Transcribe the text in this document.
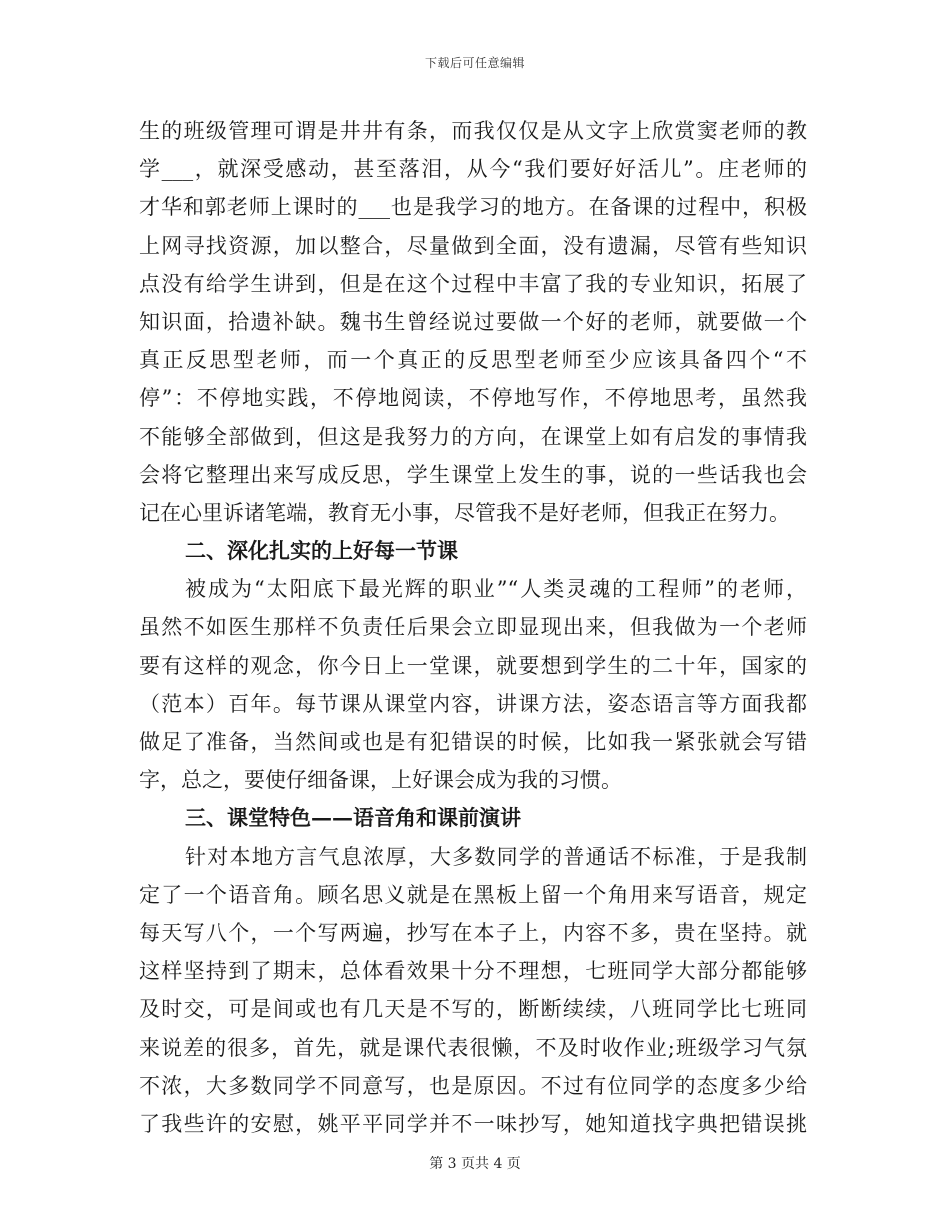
下载后可任意编辑
生的班级管理可谓是井井有条，而我仅仅是从文字上欣赏窦老师的教
学___，就深受感动，甚至落泪，从今“我们要好好活儿”。庄老师的
才华和郭老师上课时的___也是我学习的地方。在备课的过程中，积极
上网寻找资源，加以整合，尽量做到全面，没有遗漏，尽管有些知识
点没有给学生讲到，但是在这个过程中丰富了我的专业知识，拓展了
知识面，拾遗补缺。魏书生曾经说过要做一个好的老师，就要做一个
真正反思型老师，而一个真正的反思型老师至少应该具备四个“不
停”：不停地实践，不停地阅读，不停地写作，不停地思考，虽然我
不能够全部做到，但这是我努力的方向，在课堂上如有启发的事情我
会将它整理出来写成反思，学生课堂上发生的事，说的一些话我也会
记在心里诉诸笔端，教育无小事，尽管我不是好老师，但我正在努力。
二、深化扎实的上好每一节课
被成为“太阳底下最光辉的职业”“人类灵魂的工程师”的老师，
虽然不如医生那样不负责任后果会立即显现出来，但我做为一个老师
要有这样的观念，你今日上一堂课，就要想到学生的二十年，国家的
（范本）百年。每节课从课堂内容，讲课方法，姿态语言等方面我都
做足了准备，当然间或也是有犯错误的时候，比如我一紧张就会写错
字，总之，要使仔细备课，上好课会成为我的习惯。
三、课堂特色——语音角和课前演讲
针对本地方言气息浓厚，大多数同学的普通话不标准，于是我制
定了一个语音角。顾名思义就是在黑板上留一个角用来写语音，规定
每天写八个，一个写两遍，抄写在本子上，内容不多，贵在坚持。就
这样坚持到了期末，总体看效果十分不理想，七班同学大部分都能够
及时交，可是间或也有几天是不写的，断断续续，八班同学比七班同
来说差的很多，首先，就是课代表很懒，不及时收作业;班级学习气氛
不浓，大多数同学不同意写，也是原因。不过有位同学的态度多少给
了我些许的安慰，姚平平同学并不一味抄写，她知道找字典把错误挑
第 3 页共 4 页
